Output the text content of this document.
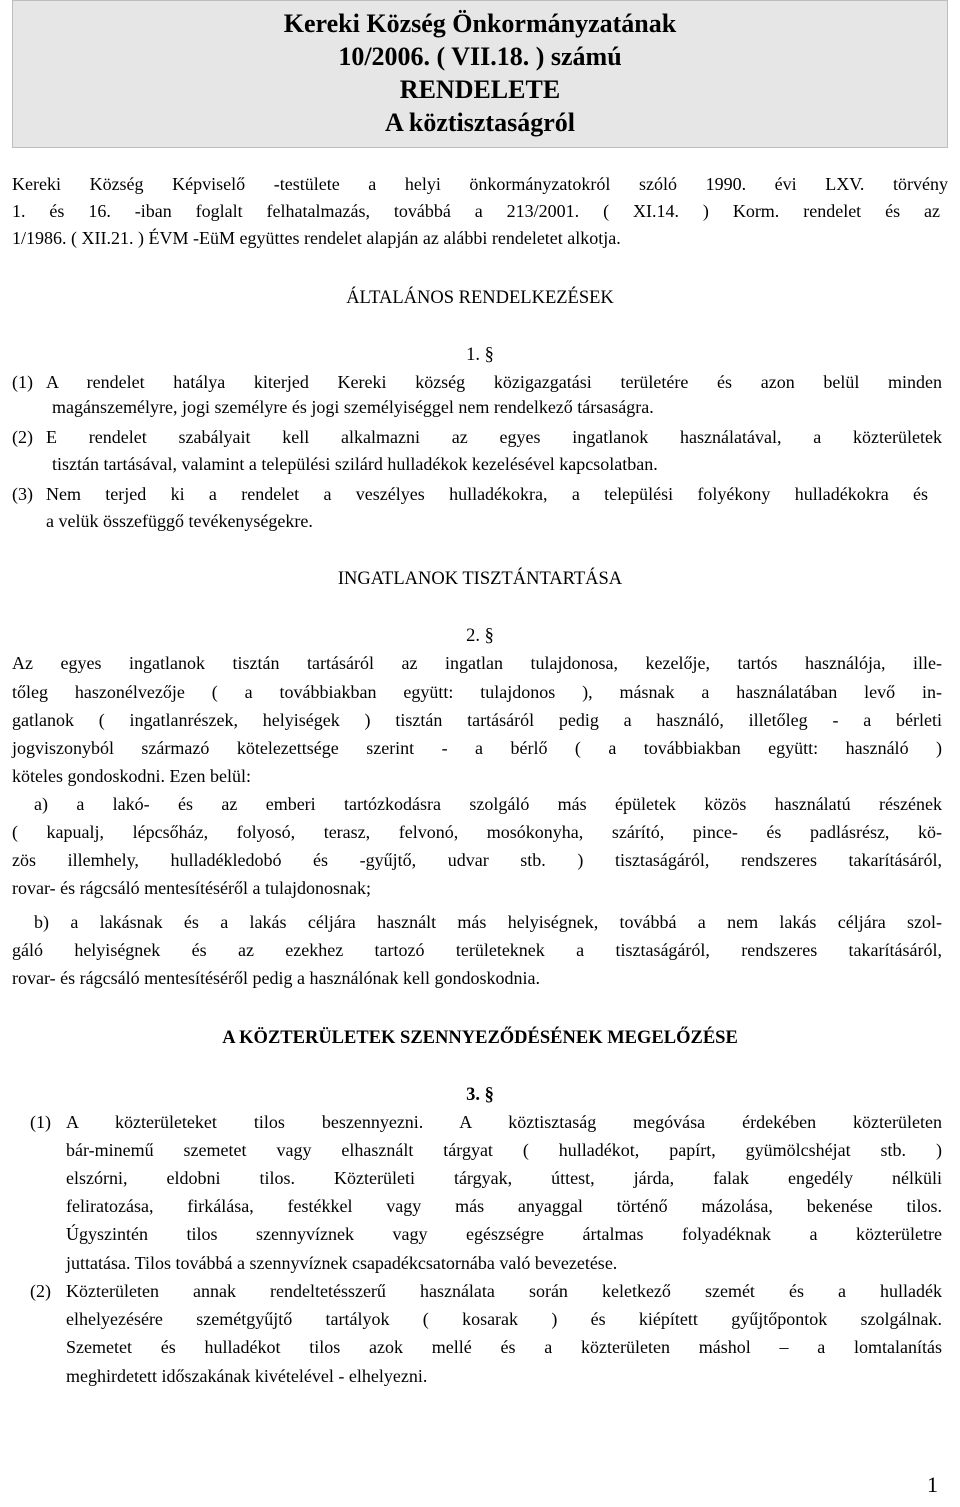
Kereki Község Önkormányzatának
10/2006. ( VII.18. ) számú
RENDELETE
A köztisztaságról
Kereki Község Képviselő -testülete a helyi önkormányzatokról szóló 1990. évi LXV. törvény
1. és 16. -iban foglalt felhatalmazás, továbbá a 213/2001. ( XI.14. ) Korm. rendelet és az
1/1986. ( XII.21. ) ÉVM -EüM együttes rendelet alapján az alábbi rendeletet alkotja.
ÁLTALÁNOS RENDELKEZÉSEK
1. §
(1) A rendelet hatálya kiterjed Kereki község közigazgatási területére és azon belül minden
magánszemélyre, jogi személyre és jogi személyiséggel nem rendelkező társaságra.
(2) E rendelet szabályait kell alkalmazni az egyes ingatlanok használatával, a közterületek
tisztán tartásával, valamint a települési szilárd hulladékok kezelésével kapcsolatban.
(3) Nem terjed ki a rendelet a veszélyes hulladékokra, a települési folyékony hulladékokra és
a velük összefüggő tevékenységekre.
INGATLANOK TISZTÁNTARTÁSA
2. §
Az egyes ingatlanok tisztán tartásáról az ingatlan tulajdonosa, kezelője, tartós használója, ille-
tőleg haszonélvezője ( a továbbiakban együtt: tulajdonos ), másnak a használatában levő in-
gatlanok ( ingatlanrészek, helyiségek ) tisztán tartásáról pedig a használó, illetőleg - a bérleti
jogviszonyból származó kötelezettsége szerint - a bérlő ( a továbbiakban együtt: használó )
köteles gondoskodni. Ezen belül:
a) a lakó- és az emberi tartózkodásra szolgáló más épületek közös használatú részének
( kapualj, lépcsőház, folyosó, terasz, felvonó, mosókonyha, szárító, pince- és padlásrész, kö-
zös illemhely, hulladékledobó és -gyűjtő, udvar stb. ) tisztaságáról, rendszeres takarításáról,
rovar- és rágcsáló mentesítéséről a tulajdonosnak;
b) a lakásnak és a lakás céljára használt más helyiségnek, továbbá a nem lakás céljára szol-
gáló helyiségnek és az ezekhez tartozó területeknek a tisztaságáról, rendszeres takarításáról,
rovar- és rágcsáló mentesítéséről pedig a használónak kell gondoskodnia.
A KÖZTERÜLETEK SZENNYEZŐDÉSÉNEK MEGELŐZÉSE
3. §
(1) A közterületeket tilos beszennyezni. A köztisztaság megóvása érdekében közterületen
bár-minemű szemetet vagy elhasznált tárgyat ( hulladékot, papírt, gyümölcshéjat stb. )
elszórni, eldobni tilos. Közterületi tárgyak, úttest, járda, falak engedély nélküli
feliratozása, firkálása, festékkel vagy más anyaggal történő mázolása, bekenése tilos.
Úgyszintén tilos szennyvíznek vagy egészségre ártalmas folyadéknak a közterületre
juttatása. Tilos továbbá a szennyvíznek csapadékcsatornába való bevezetése.
(2) Közterületen annak rendeltetésszerű használata során keletkező szemét és a hulladék
elhelyezésére szemétgyűjtő tartályok ( kosarak ) és kiépített gyűjtőpontok szolgálnak.
Szemetet és hulladékot tilos azok mellé és a közterületen máshol – a lomtalanítás
meghirdetett időszakának kivételével - elhelyezni.
1
